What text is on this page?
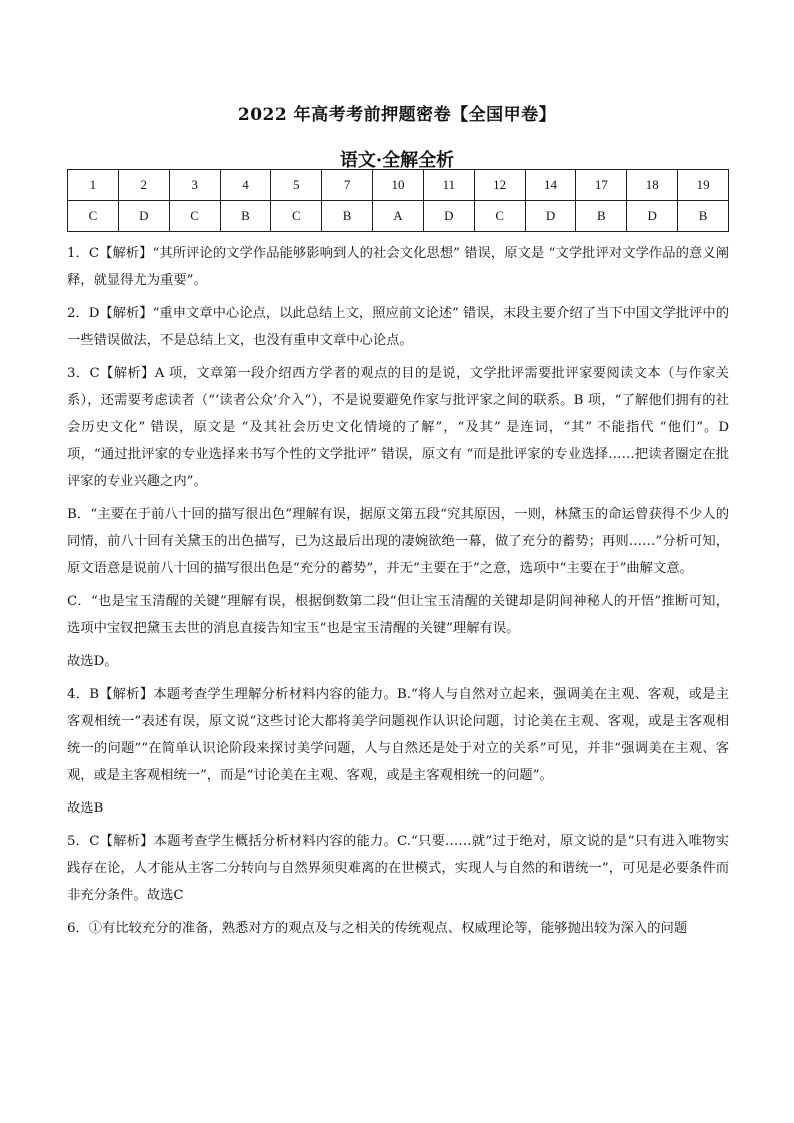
2022 年高考考前押题密卷【全国甲卷】
语文·全解全析
1	2	3	4	5	7	10	11	12	14	17	18	19
C	D	C	B	C	B	A	D	C	D	B	D	B

1．C【解析】“其所评论的文学作品能够影响到人的社会文化思想” 错误，原文是 “文学批评对文学作品的意义阐释，就显得尤为重要”。

2．D【解析】“重申文章中心论点，以此总结上文，照应前文论述” 错误，末段主要介绍了当下中国文学批评中的一些错误做法，不是总结上文，也没有重申文章中心论点。

3．C【解析】A 项，文章第一段介绍西方学者的观点的目的是说，文学批评需要批评家要阅读文本（与作家关系），还需要考虑读者（“‘读者公众’介入”），不是说要避免作家与批评家之间的联系。B 项，“了解他们拥有的社会历史文化” 错误，原文是 “及其社会历史文化情境的了解”，“及其” 是连词，“其” 不能指代 “他们”。D 项，“通过批评家的专业选择来书写个性的文学批评” 错误，原文有 “而是批评家的专业选择……把读者圈定在批评家的专业兴趣之内”。

B．“主要在于前八十回的描写很出色”理解有误，据原文第五段“究其原因，一则，林黛玉的命运曾获得不少人的同情，前八十回有关黛玉的出色描写，已为这最后出现的凄婉欲绝一幕，做了充分的蓄势；再则……”分析可知，原文语意是说前八十回的描写很出色是“充分的蓄势”，并无“主要在于”之意，选项中“主要在于”曲解文意。

C．“也是宝玉清醒的关键”理解有误，根据倒数第二段“但让宝玉清醒的关键却是阴间神秘人的开悟”推断可知，选项中宝钗把黛玉去世的消息直接告知宝玉“也是宝玉清醒的关键”理解有误。

故选D。

4．B【解析】本题考查学生理解分析材料内容的能力。B.“将人与自然对立起来，强调美在主观、客观，或是主客观相统一”表述有误，原文说“这些讨论大都将美学问题视作认识论问题，讨论美在主观、客观，或是主客观相统一的问题”“在简单认识论阶段来探讨美学问题，人与自然还是处于对立的关系”可见，并非“强调美在主观、客观，或是主客观相统一”，而是“讨论美在主观、客观，或是主客观相统一的问题”。

故选B

5．C【解析】本题考查学生概括分析材料内容的能力。C.“只要……就”过于绝对，原文说的是“只有进入唯物实践存在论，人才能从主客二分转向与自然界须臾难离的在世模式，实现人与自然的和谐统一”，可见是必要条件而非充分条件。故选C

6．①有比较充分的准备，熟悉对方的观点及与之相关的传统观点、权威理论等，能够抛出较为深入的问题
